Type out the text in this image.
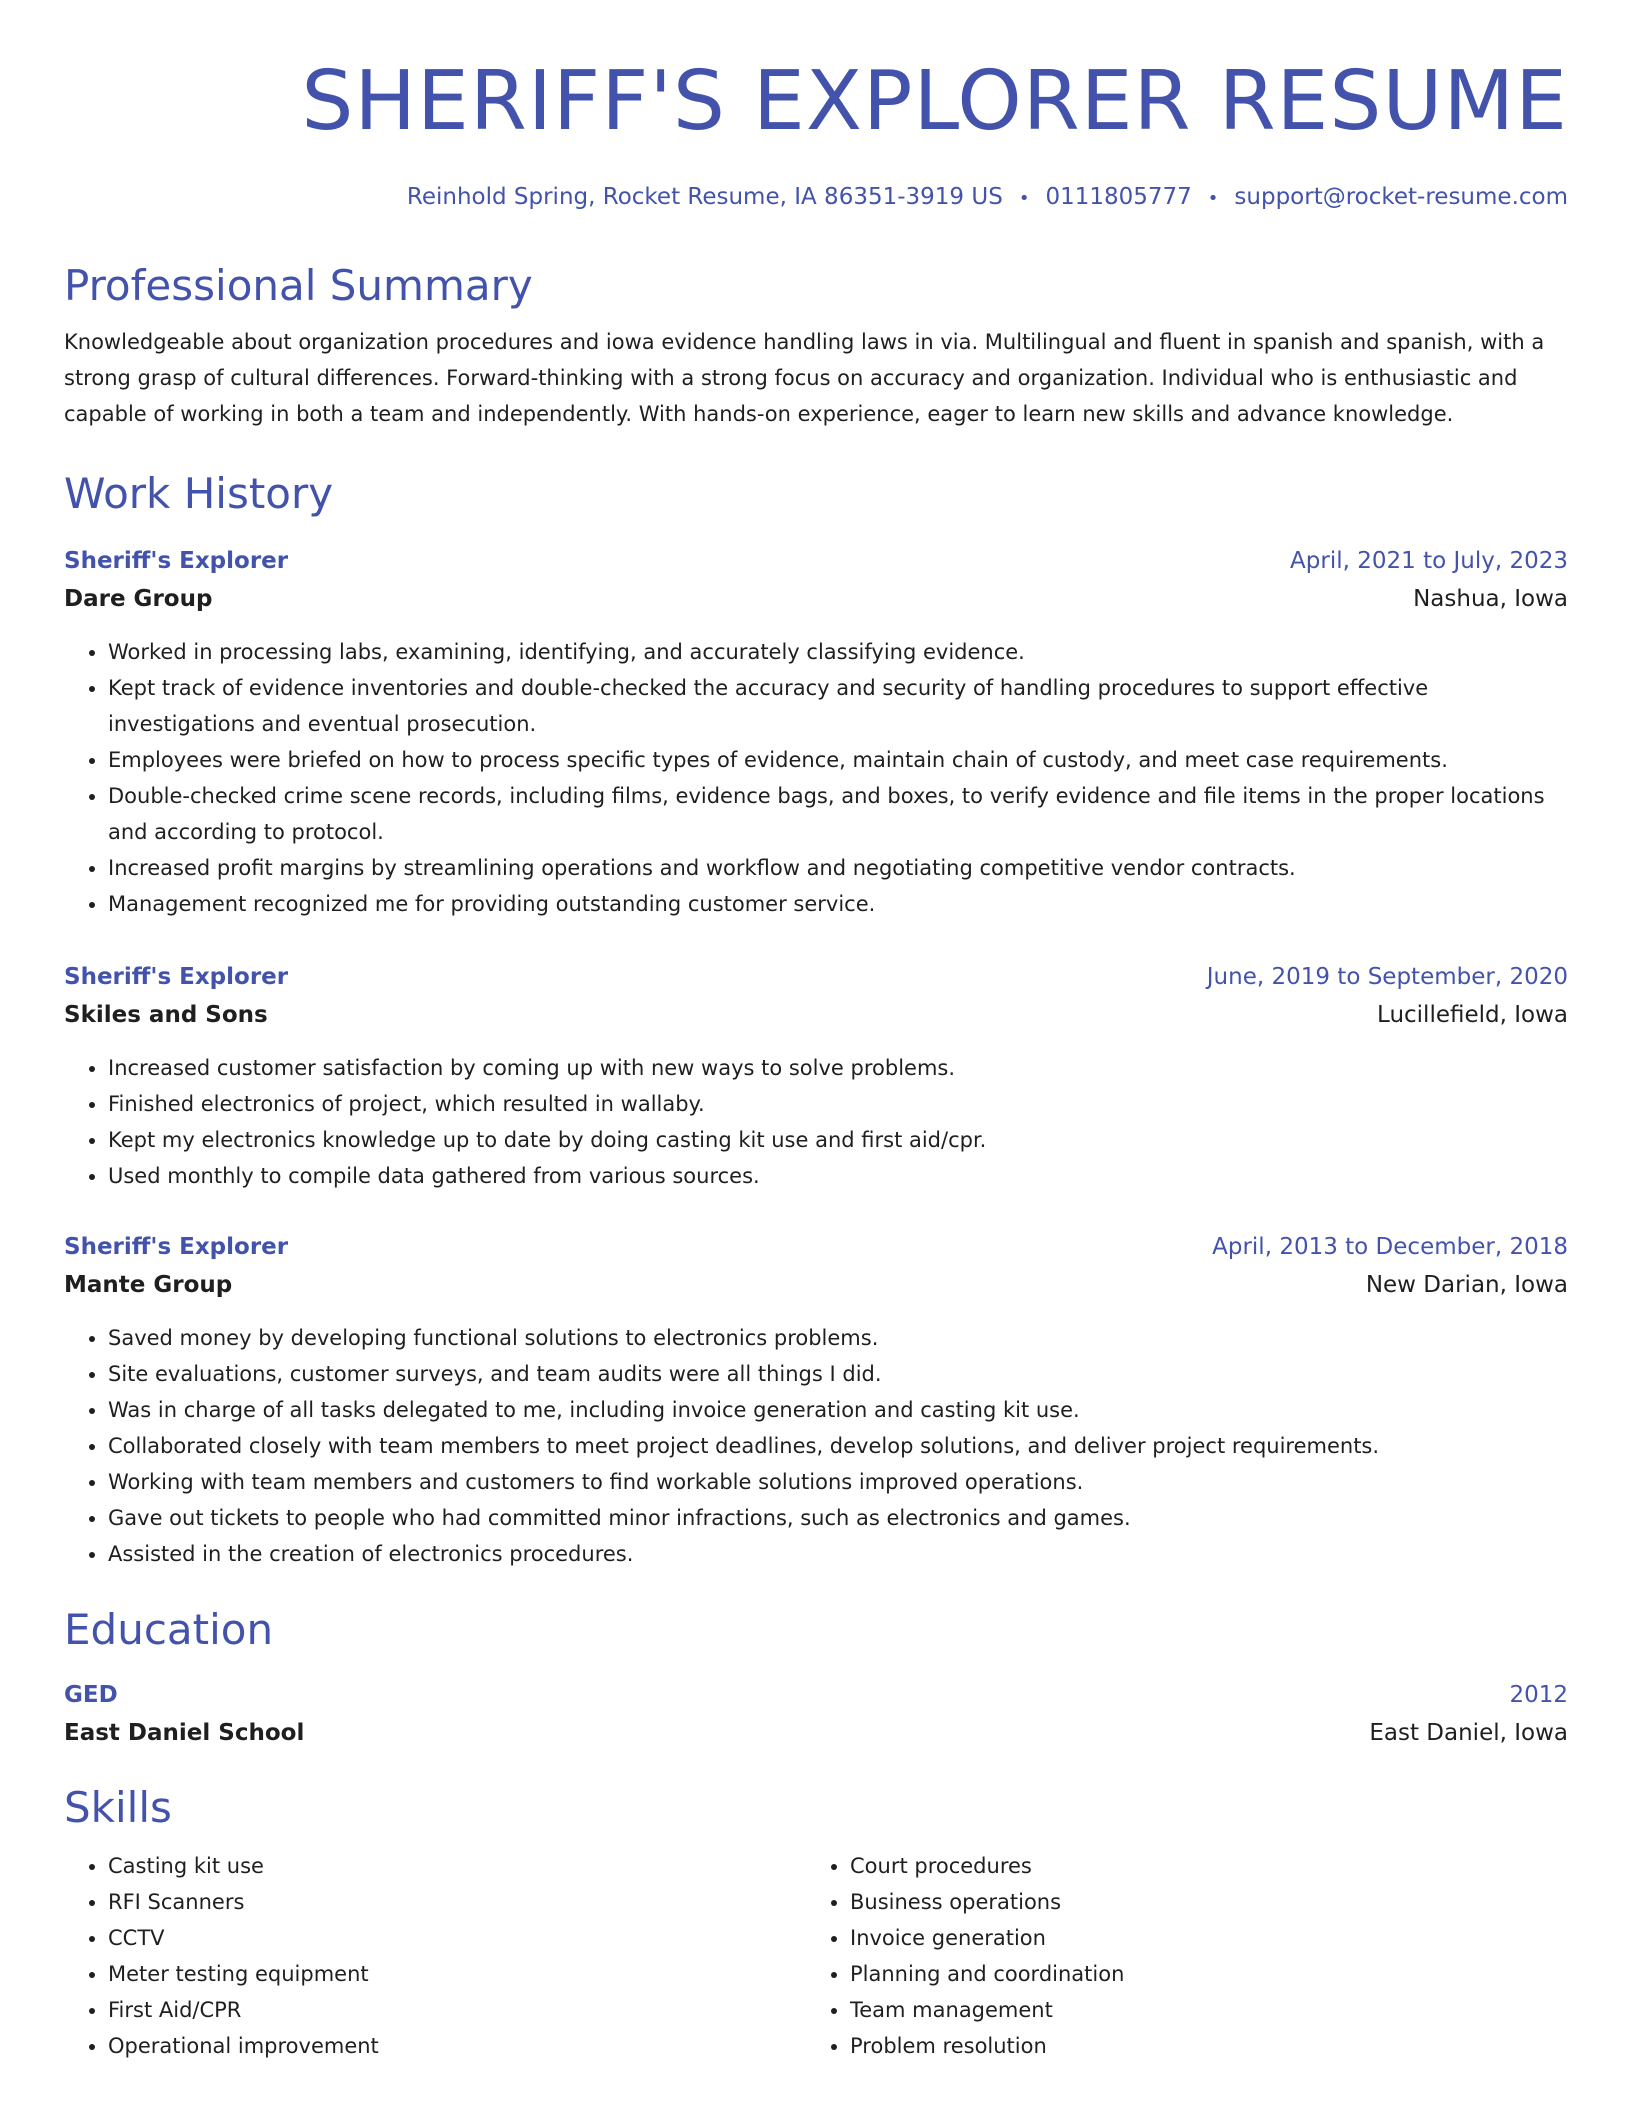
SHERIFF'S EXPLORER RESUME
Reinhold Spring, Rocket Resume, IA 86351-3919 US • 0111805777 • support@rocket-resume.com
Professional Summary

Knowledgeable about organization procedures and iowa evidence handling laws in via. Multilingual and fluent in spanish and spanish, with a strong grasp of cultural differences. Forward-thinking with a strong focus on accuracy and organization. Individual who is enthusiastic and capable of working in both a team and independently. With hands-on experience, eager to learn new skills and advance knowledge.

Work History
Sheriff's Explorer	April, 2021 to July, 2023
Dare Group	Nashua, Iowa
• Worked in processing labs, examining, identifying, and accurately classifying evidence.
• Kept track of evidence inventories and double-checked the accuracy and security of handling procedures to support effective investigations and eventual prosecution.
• Employees were briefed on how to process specific types of evidence, maintain chain of custody, and meet case requirements.
• Double-checked crime scene records, including films, evidence bags, and boxes, to verify evidence and file items in the proper locations and according to protocol.
• Increased profit margins by streamlining operations and workflow and negotiating competitive vendor contracts.
• Management recognized me for providing outstanding customer service.
Sheriff's Explorer	June, 2019 to September, 2020
Skiles and Sons	Lucillefield, Iowa
• Increased customer satisfaction by coming up with new ways to solve problems.
• Finished electronics of project, which resulted in wallaby.
• Kept my electronics knowledge up to date by doing casting kit use and first aid/cpr.
• Used monthly to compile data gathered from various sources.
Sheriff's Explorer	April, 2013 to December, 2018
Mante Group	New Darian, Iowa
• Saved money by developing functional solutions to electronics problems.
• Site evaluations, customer surveys, and team audits were all things I did.
• Was in charge of all tasks delegated to me, including invoice generation and casting kit use.
• Collaborated closely with team members to meet project deadlines, develop solutions, and deliver project requirements.
• Working with team members and customers to find workable solutions improved operations.
• Gave out tickets to people who had committed minor infractions, such as electronics and games.
• Assisted in the creation of electronics procedures.
Education
GED	2012
East Daniel School	East Daniel, Iowa
Skills
• Casting kit use
• RFI Scanners
• CCTV
• Meter testing equipment
• First Aid/CPR
• Operational improvement
• Court procedures
• Business operations
• Invoice generation
• Planning and coordination
• Team management
• Problem resolution
